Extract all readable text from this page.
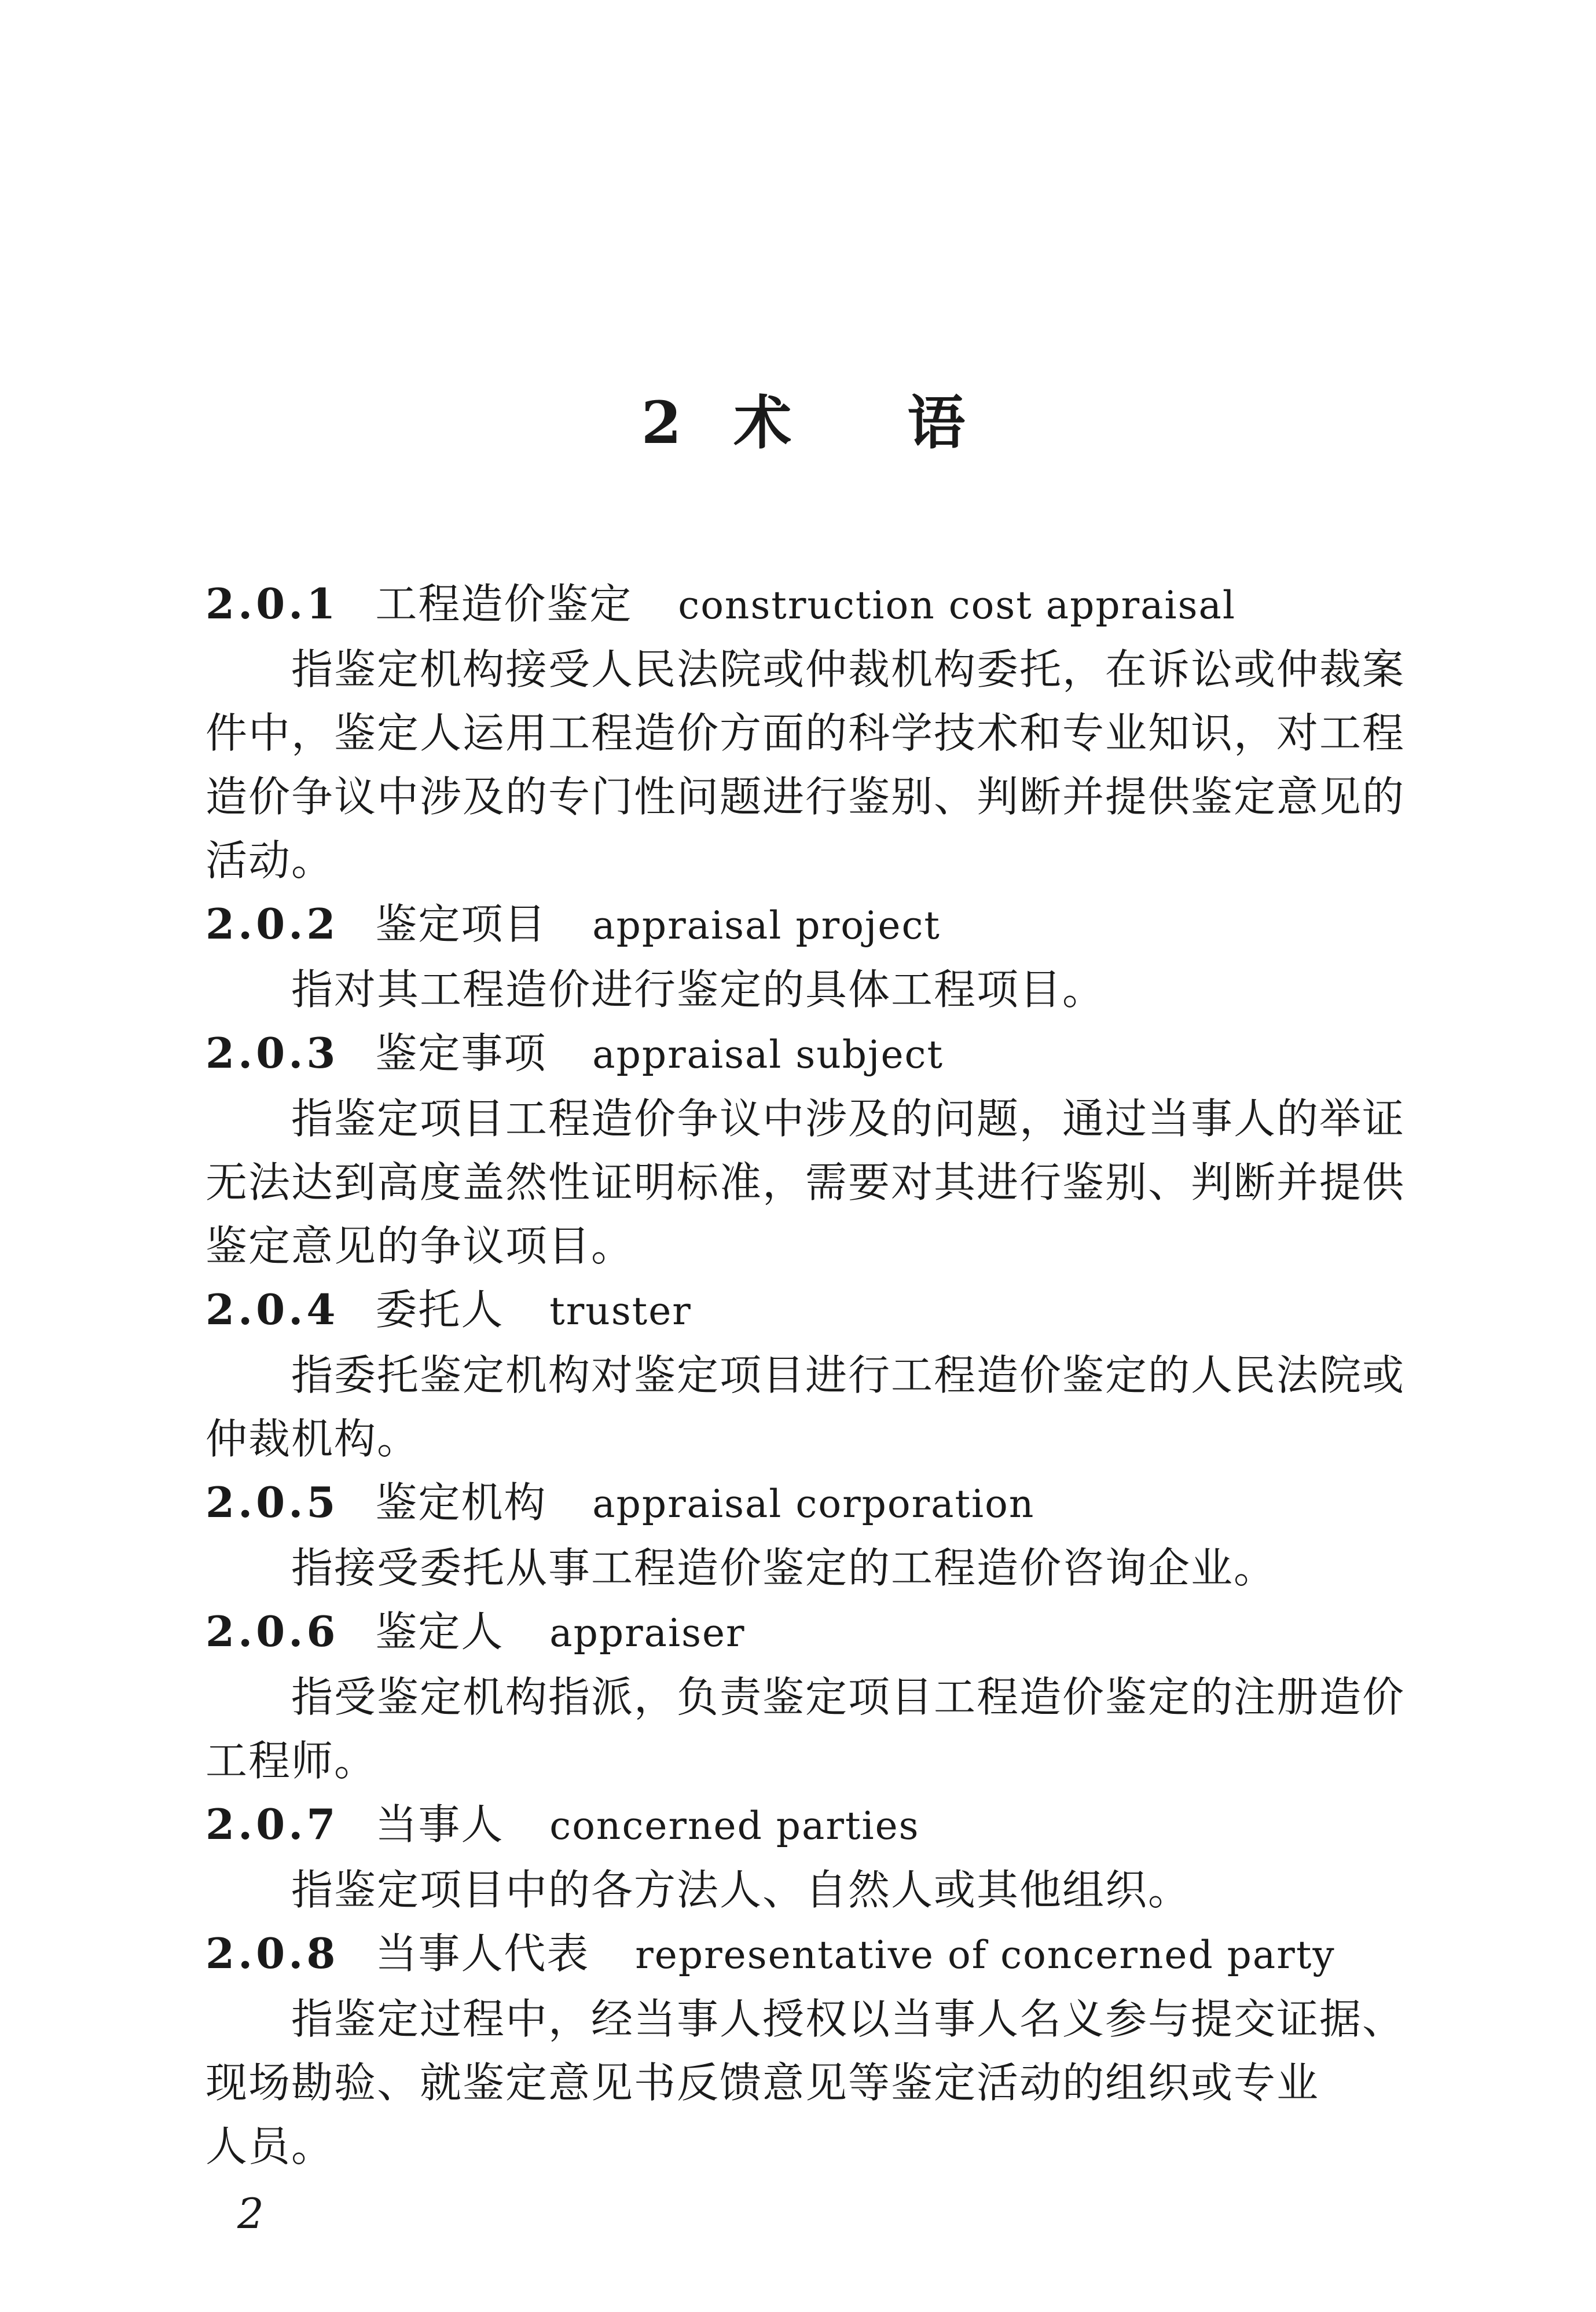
2 术 语
2.0.1 工程造价鉴定 construction cost appraisal
指鉴定机构接受人民法院或仲裁机构委托，在诉讼或仲裁案
件中，鉴定人运用工程造价方面的科学技术和专业知识，对工程
造价争议中涉及的专门性问题进行鉴别、判断并提供鉴定意见的
活动。
2.0.2 鉴定项目 appraisal project
指对其工程造价进行鉴定的具体工程项目。
2.0.3 鉴定事项 appraisal subject
指鉴定项目工程造价争议中涉及的问题，通过当事人的举证
无法达到高度盖然性证明标准，需要对其进行鉴别、判断并提供
鉴定意见的争议项目。
2.0.4 委托人 truster
指委托鉴定机构对鉴定项目进行工程造价鉴定的人民法院或
仲裁机构。
2.0.5 鉴定机构 appraisal corporation
指接受委托从事工程造价鉴定的工程造价咨询企业。
2.0.6 鉴定人 appraiser
指受鉴定机构指派，负责鉴定项目工程造价鉴定的注册造价
工程师。
2.0.7 当事人 concerned parties
指鉴定项目中的各方法人、自然人或其他组织。
2.0.8 当事人代表 representative of concerned party
指鉴定过程中，经当事人授权以当事人名义参与提交证据、
现场勘验、就鉴定意见书反馈意见等鉴定活动的组织或专业
人员。
2
